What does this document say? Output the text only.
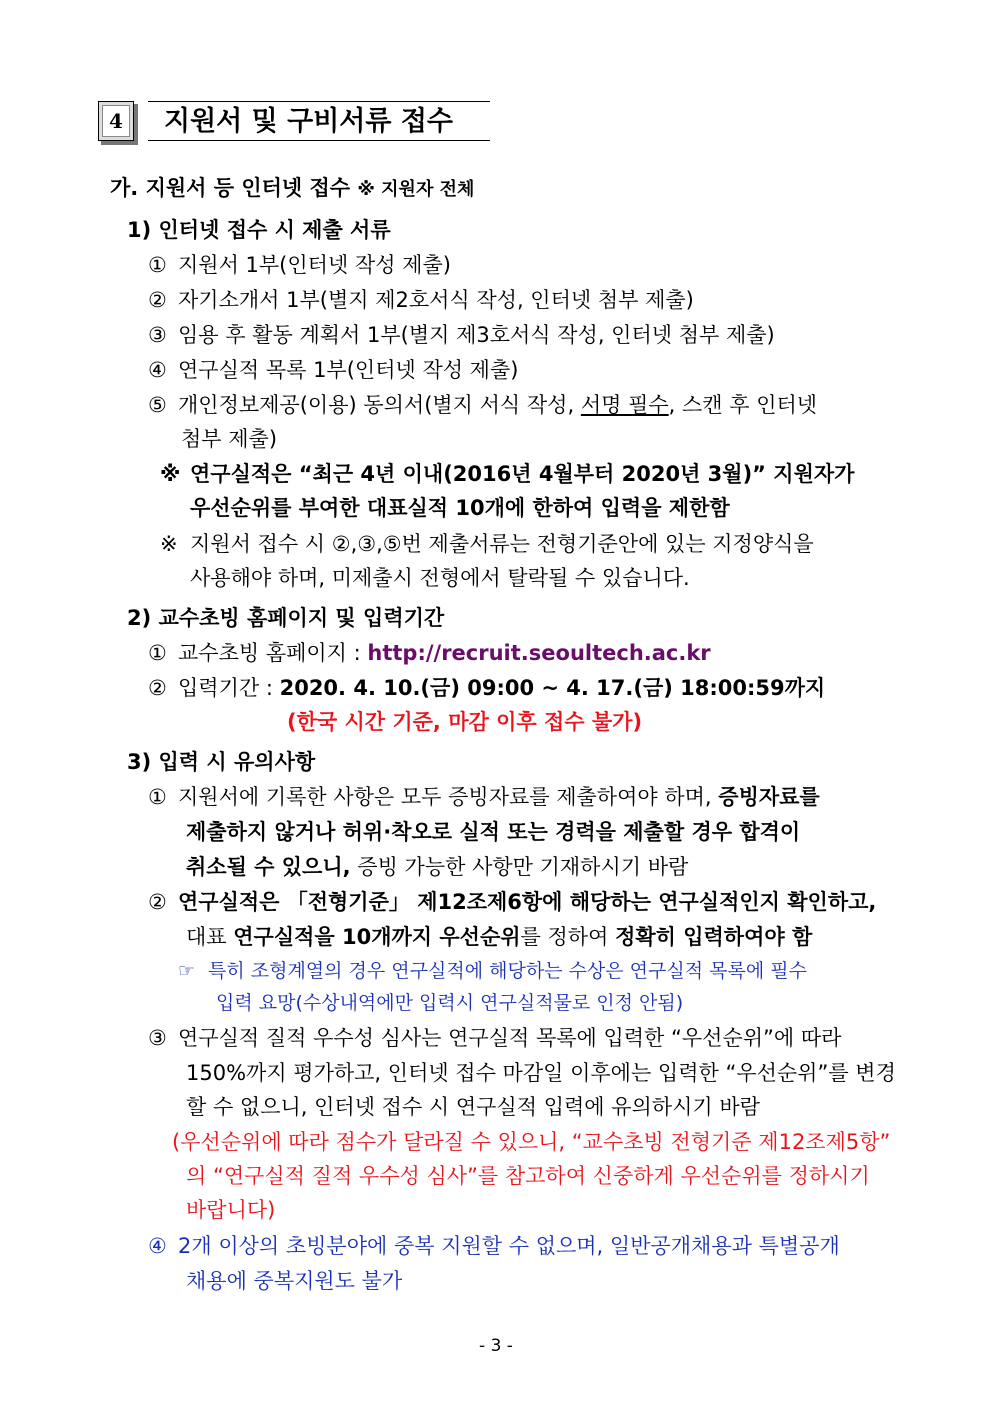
4 지원서 및 구비서류 접수
가. 지원서 등 인터넷 접수 ※ 지원자 전체
1) 인터넷 접수 시 제출 서류
① 지원서 1부(인터넷 작성 제출)
② 자기소개서 1부(별지 제2호서식 작성, 인터넷 첨부 제출)
③ 임용 후 활동 계획서 1부(별지 제3호서식 작성, 인터넷 첨부 제출)
④ 연구실적 목록 1부(인터넷 작성 제출)
⑤ 개인정보제공(이용) 동의서(별지 서식 작성, 서명 필수, 스캔 후 인터넷
첨부 제출)
※ 연구실적은 “최근 4년 이내(2016년 4월부터 2020년 3월)” 지원자가
우선순위를 부여한 대표실적 10개에 한하여 입력을 제한함
※ 지원서 접수 시 ②,③,⑤번 제출서류는 전형기준안에 있는 지정양식을
사용해야 하며, 미제출시 전형에서 탈락될 수 있습니다.
2) 교수초빙 홈페이지 및 입력기간
① 교수초빙 홈페이지 : http://recruit.seoultech.ac.kr
② 입력기간 : 2020. 4. 10.(금) 09:00 ~ 4. 17.(금) 18:00:59까지
(한국 시간 기준, 마감 이후 접수 불가)
3) 입력 시 유의사항
① 지원서에 기록한 사항은 모두 증빙자료를 제출하여야 하며, 증빙자료를
제출하지 않거나 허위·착오로 실적 또는 경력을 제출할 경우 합격이
취소될 수 있으니, 증빙 가능한 사항만 기재하시기 바람
② 연구실적은 「전형기준」 제12조제6항에 해당하는 연구실적인지 확인하고,
대표 연구실적을 10개까지 우선순위를 정하여 정확히 입력하여야 함
☞ 특히 조형계열의 경우 연구실적에 해당하는 수상은 연구실적 목록에 필수
입력 요망(수상내역에만 입력시 연구실적물로 인정 안됨)
③ 연구실적 질적 우수성 심사는 연구실적 목록에 입력한 “우선순위”에 따라
150%까지 평가하고, 인터넷 접수 마감일 이후에는 입력한 “우선순위”를 변경
할 수 없으니, 인터넷 접수 시 연구실적 입력에 유의하시기 바람
(우선순위에 따라 점수가 달라질 수 있으니, “교수초빙 전형기준 제12조제5항”
의 “연구실적 질적 우수성 심사”를 참고하여 신중하게 우선순위를 정하시기
바랍니다)
④ 2개 이상의 초빙분야에 중복 지원할 수 없으며, 일반공개채용과 특별공개
채용에 중복지원도 불가
- 3 -
